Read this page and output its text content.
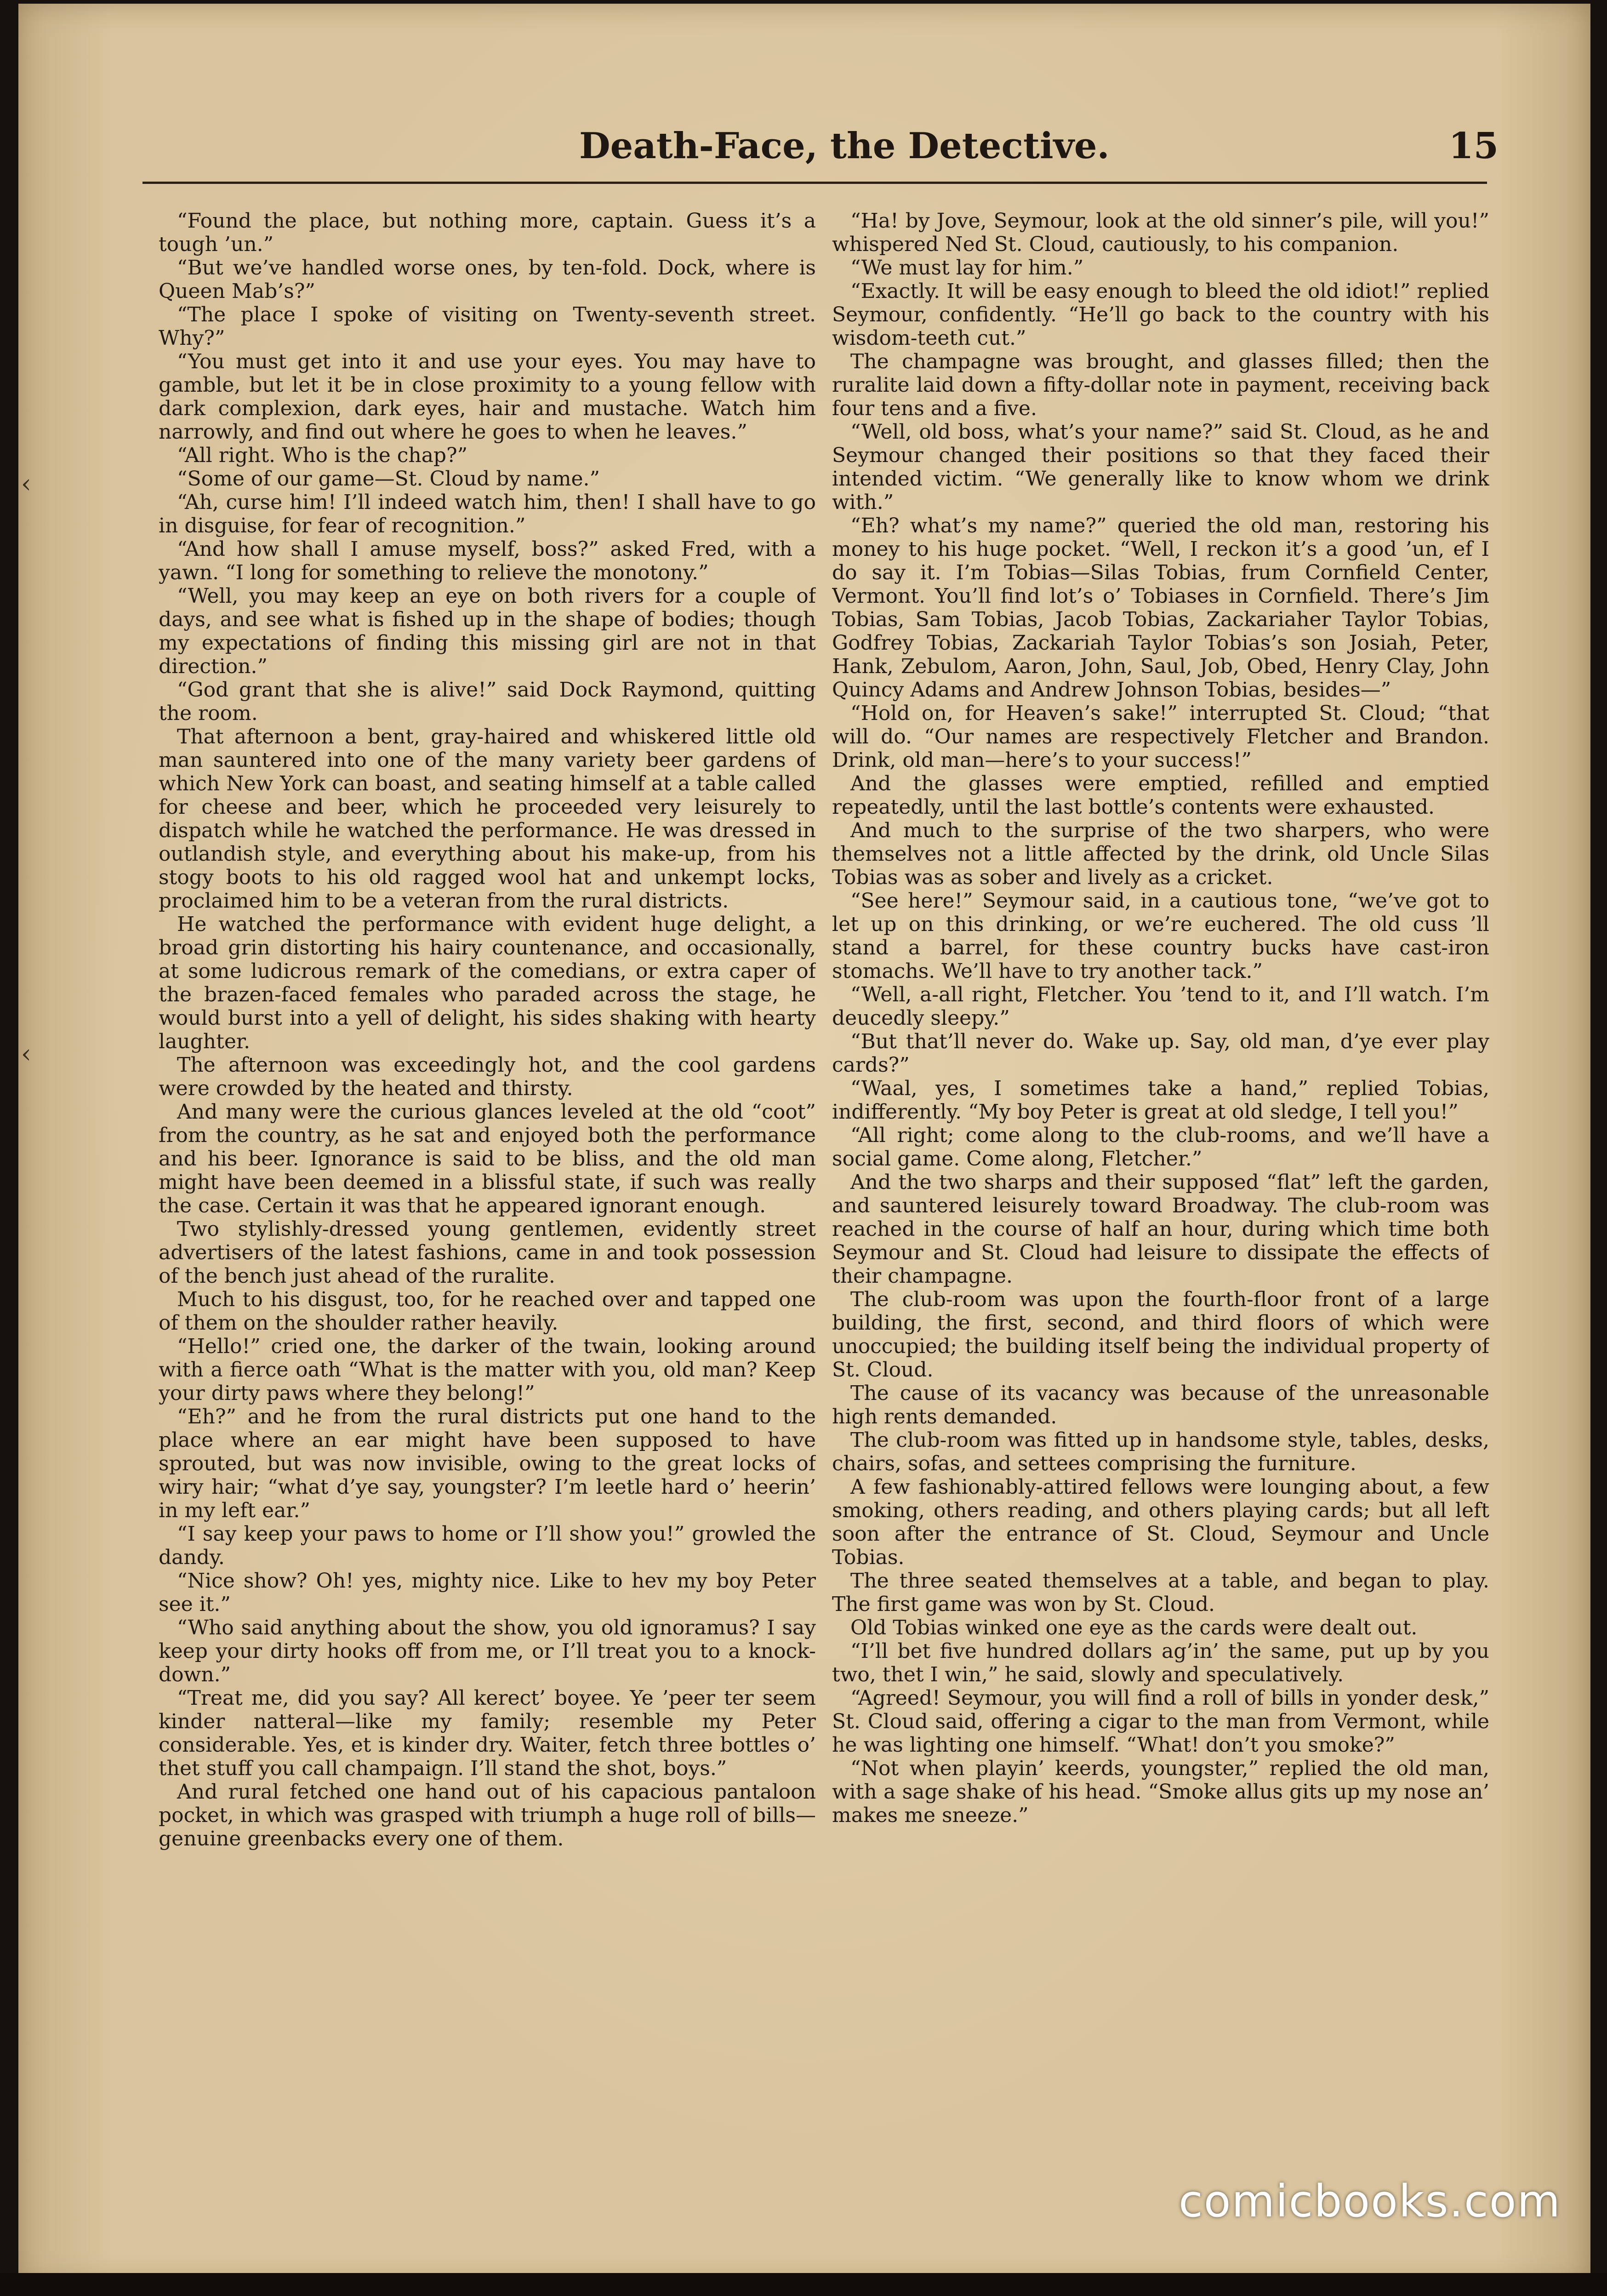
‹
‹
Death-Face, the Detective.	15

“Found the place, but nothing more, captain. Guess it’s a tough ’un.”

“But we’ve handled worse ones, by ten-fold. Dock, where is Queen Mab’s?”

“The place I spoke of visiting on Twenty-seventh street. Why?”

“You must get into it and use your eyes. You may have to gamble, but let it be in close proximity to a young fellow with dark complexion, dark eyes, hair and mustache. Watch him narrowly, and find out where he goes to when he leaves.”

“All right. Who is the chap?”

“Some of our game—St. Cloud by name.”

“Ah, curse him! I’ll indeed watch him, then! I shall have to go in disguise, for fear of recognition.”

“And how shall I amuse myself, boss?” asked Fred, with a yawn. “I long for something to relieve the monotony.”

“Well, you may keep an eye on both rivers for a couple of days, and see what is fished up in the shape of bodies; though my expectations of finding this missing girl are not in that direction.”

“God grant that she is alive!” said Dock Raymond, quitting the room.

That afternoon a bent, gray-haired and whiskered little old man sauntered into one of the many variety beer gardens of which New York can boast, and seating himself at a table called for cheese and beer, which he proceeded very leisurely to dispatch while he watched the performance. He was dressed in outlandish style, and everything about his make-up, from his stogy boots to his old ragged wool hat and unkempt locks, proclaimed him to be a veteran from the rural districts.

He watched the performance with evident huge delight, a broad grin distorting his hairy countenance, and occasionally, at some ludicrous remark of the comedians, or extra caper of the brazen-faced females who paraded across the stage, he would burst into a yell of delight, his sides shaking with hearty laughter.

The afternoon was exceedingly hot, and the cool gardens were crowded by the heated and thirsty.

And many were the curious glances leveled at the old “coot” from the country, as he sat and enjoyed both the performance and his beer. Ignorance is said to be bliss, and the old man might have been deemed in a blissful state, if such was really the case. Certain it was that he appeared ignorant enough.

Two stylishly-dressed young gentlemen, evidently street advertisers of the latest fashions, came in and took possession of the bench just ahead of the ruralite.

Much to his disgust, too, for he reached over and tapped one of them on the shoulder rather heavily.

“Hello!” cried one, the darker of the twain, looking around with a fierce oath “What is the matter with you, old man? Keep your dirty paws where they belong!”

“Eh?” and he from the rural districts put one hand to the place where an ear might have been supposed to have sprouted, but was now invisible, owing to the great locks of wiry hair; “what d’ye say, youngster? I’m leetle hard o’ heerin’ in my left ear.”

“I say keep your paws to home or I’ll show you!” growled the dandy.

“Nice show? Oh! yes, mighty nice. Like to hev my boy Peter see it.”

“Who said anything about the show, you old ignoramus? I say keep your dirty hooks off from me, or I’ll treat you to a knock-down.”

“Treat me, did you say? All kerect’ boyee. Ye ’peer ter seem kinder natteral—like my family; resemble my Peter considerable. Yes, et is kinder dry. Waiter, fetch three bottles o’ thet stuff you call champaign. I’ll stand the shot, boys.”

And rural fetched one hand out of his capacious pantaloon pocket, in which was grasped with triumph a huge roll of bills—genuine greenbacks every one of them.

“Ha! by Jove, Seymour, look at the old sinner’s pile, will you!” whispered Ned St. Cloud, cautiously, to his companion.

“We must lay for him.”

“Exactly. It will be easy enough to bleed the old idiot!” replied Seymour, confidently. “He’ll go back to the country with his wisdom-teeth cut.”

The champagne was brought, and glasses filled; then the ruralite laid down a fifty-dollar note in payment, receiving back four tens and a five.

“Well, old boss, what’s your name?” said St. Cloud, as he and Seymour changed their positions so that they faced their intended victim. “We generally like to know whom we drink with.”

“Eh? what’s my name?” queried the old man, restoring his money to his huge pocket. “Well, I reckon it’s a good ’un, ef I do say it. I’m Tobias—Silas Tobias, frum Cornfield Center, Vermont. You’ll find lot’s o’ Tobiases in Cornfield. There’s Jim Tobias, Sam Tobias, Jacob Tobias, Zackariaher Taylor Tobias, Godfrey Tobias, Zackariah Taylor Tobias’s son Josiah, Peter, Hank, Zebulom, Aaron, John, Saul, Job, Obed, Henry Clay, John Quincy Adams and Andrew Johnson Tobias, besides—”

“Hold on, for Heaven’s sake!” interrupted St. Cloud; “that will do. “Our names are respectively Fletcher and Brandon. Drink, old man—here’s to your success!”

And the glasses were emptied, refilled and emptied repeatedly, until the last bottle’s contents were exhausted.

And much to the surprise of the two sharpers, who were themselves not a little affected by the drink, old Uncle Silas Tobias was as sober and lively as a cricket.

“See here!” Seymour said, in a cautious tone, “we’ve got to let up on this drinking, or we’re euchered. The old cuss ’ll stand a barrel, for these country bucks have cast-iron stomachs. We’ll have to try another tack.”

“Well, a-all right, Fletcher. You ’tend to it, and I’ll watch. I’m deucedly sleepy.”

“But that’ll never do. Wake up. Say, old man, d’ye ever play cards?”

“Waal, yes, I sometimes take a hand,” replied Tobias, indifferently. “My boy Peter is great at old sledge, I tell you!”

“All right; come along to the club-rooms, and we’ll have a social game. Come along, Fletcher.”

And the two sharps and their supposed “flat” left the garden, and sauntered leisurely toward Broadway. The club-room was reached in the course of half an hour, during which time both Seymour and St. Cloud had leisure to dissipate the effects of their champagne.

The club-room was upon the fourth-floor front of a large building, the first, second, and third floors of which were unoccupied; the building itself being the individual property of St. Cloud.

The cause of its vacancy was because of the unreasonable high rents demanded.

The club-room was fitted up in handsome style, tables, desks, chairs, sofas, and settees comprising the furniture.

A few fashionably-attired fellows were lounging about, a few smoking, others reading, and others playing cards; but all left soon after the entrance of St. Cloud, Seymour and Uncle Tobias.

The three seated themselves at a table, and began to play. The first game was won by St. Cloud.

Old Tobias winked one eye as the cards were dealt out.

“I’ll bet five hundred dollars ag’in’ the same, put up by you two, thet I win,” he said, slowly and speculatively.

“Agreed! Seymour, you will find a roll of bills in yonder desk,” St. Cloud said, offering a cigar to the man from Vermont, while he was lighting one himself. “What! don’t you smoke?”

“Not when playin’ keerds, youngster,” replied the old man, with a sage shake of his head. “Smoke allus gits up my nose an’ makes me sneeze.”

comicbooks.com
